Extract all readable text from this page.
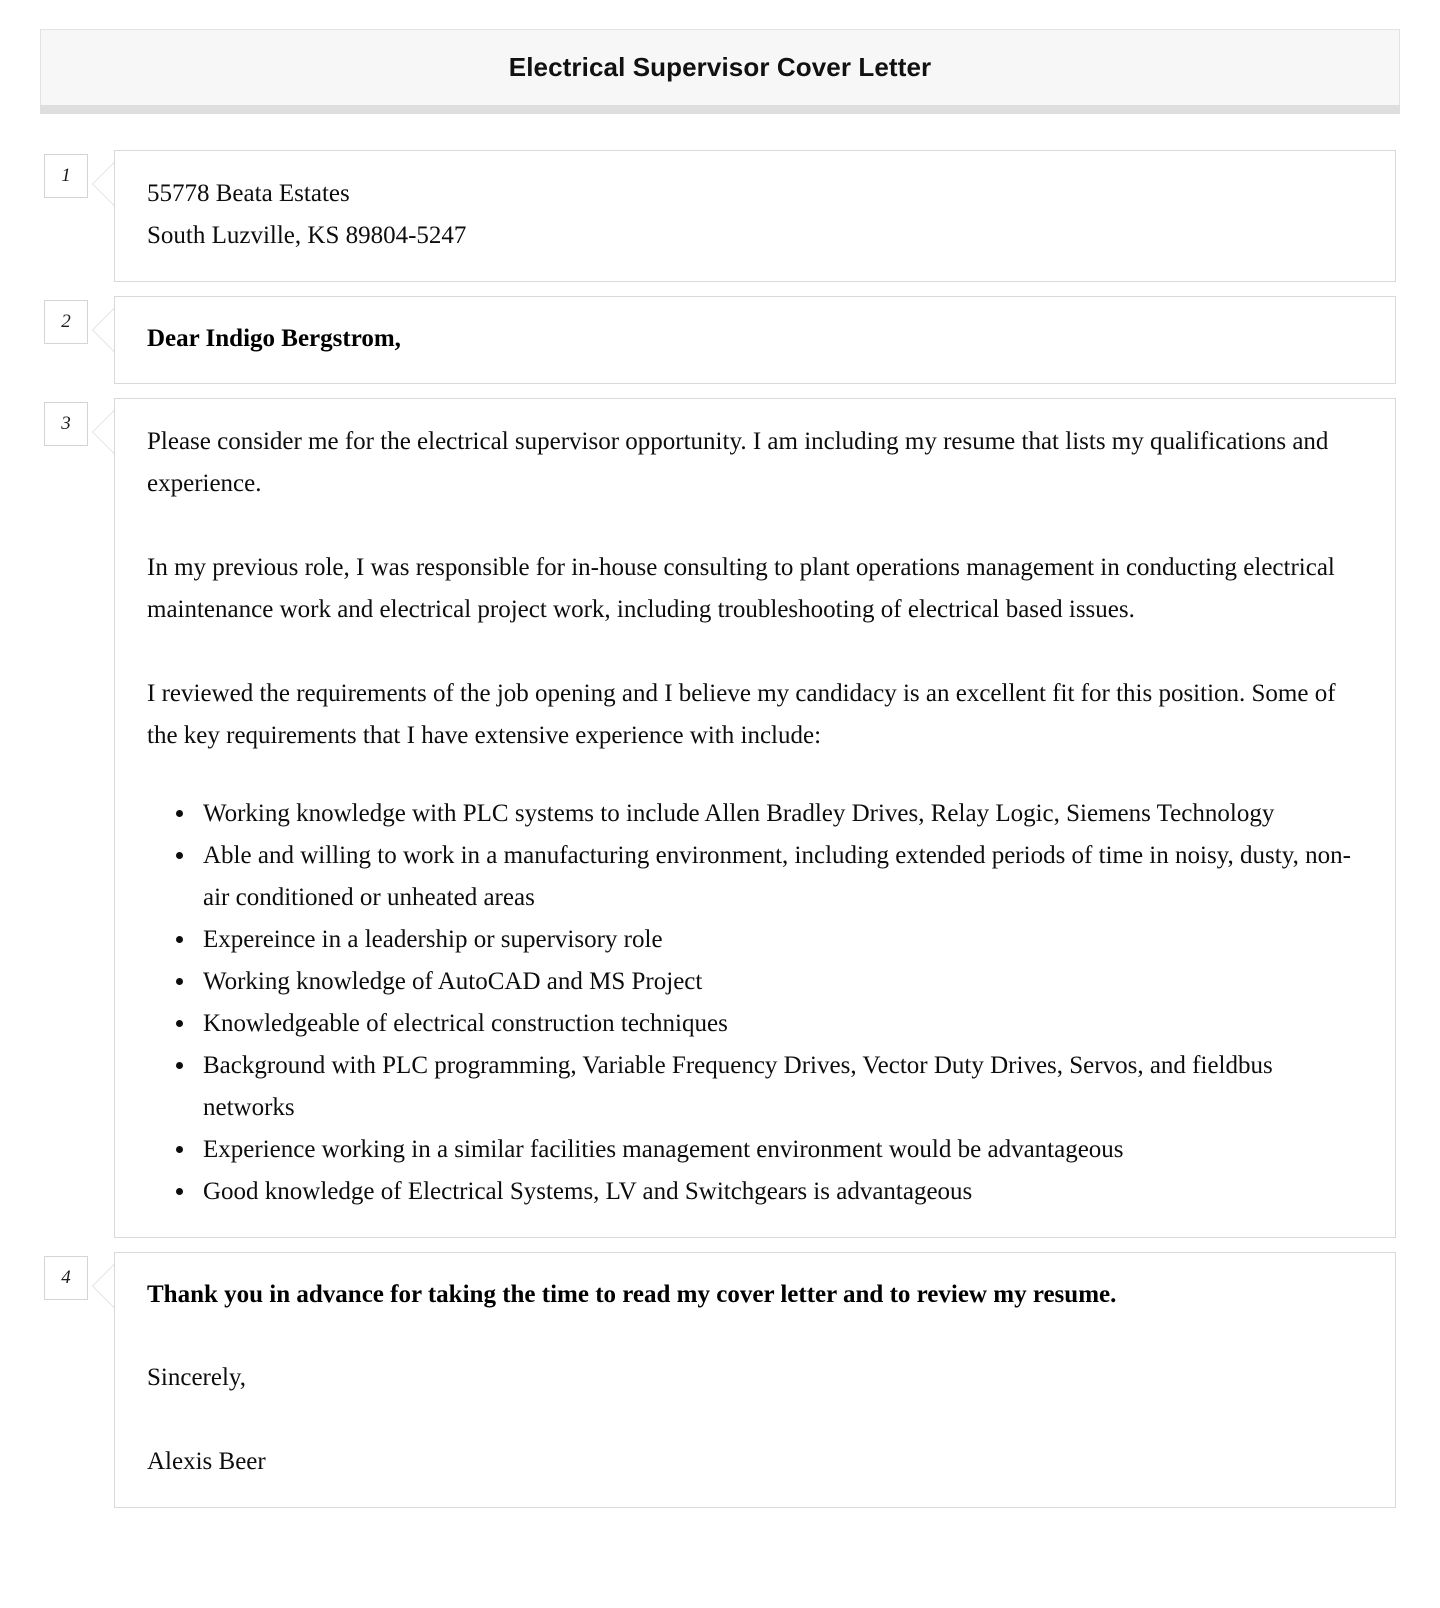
Electrical Supervisor Cover Letter
1
55778 Beata Estates
South Luzville, KS 89804-5247
2
Dear Indigo Bergstrom,
3

Please consider me for the electrical supervisor opportunity. I am including my resume that lists my qualifications and experience.

In my previous role, I was responsible for in-house consulting to plant operations management in conducting electrical maintenance work and electrical project work, including troubleshooting of electrical based issues.

I reviewed the requirements of the job opening and I believe my candidacy is an excellent fit for this position. Some of the key requirements that I have extensive experience with include:

• Working knowledge with PLC systems to include Allen Bradley Drives, Relay Logic, Siemens Technology
• Able and willing to work in a manufacturing environment, including extended periods of time in noisy, dusty, non-air conditioned or unheated areas
• Expereince in a leadership or supervisory role
• Working knowledge of AutoCAD and MS Project
• Knowledgeable of electrical construction techniques
• Background with PLC programming, Variable Frequency Drives, Vector Duty Drives, Servos, and fieldbus networks
• Experience working in a similar facilities management environment would be advantageous
• Good knowledge of Electrical Systems, LV and Switchgears is advantageous
4
Thank you in advance for taking the time to read my cover letter and to review my resume.
Sincerely,
Alexis Beer
